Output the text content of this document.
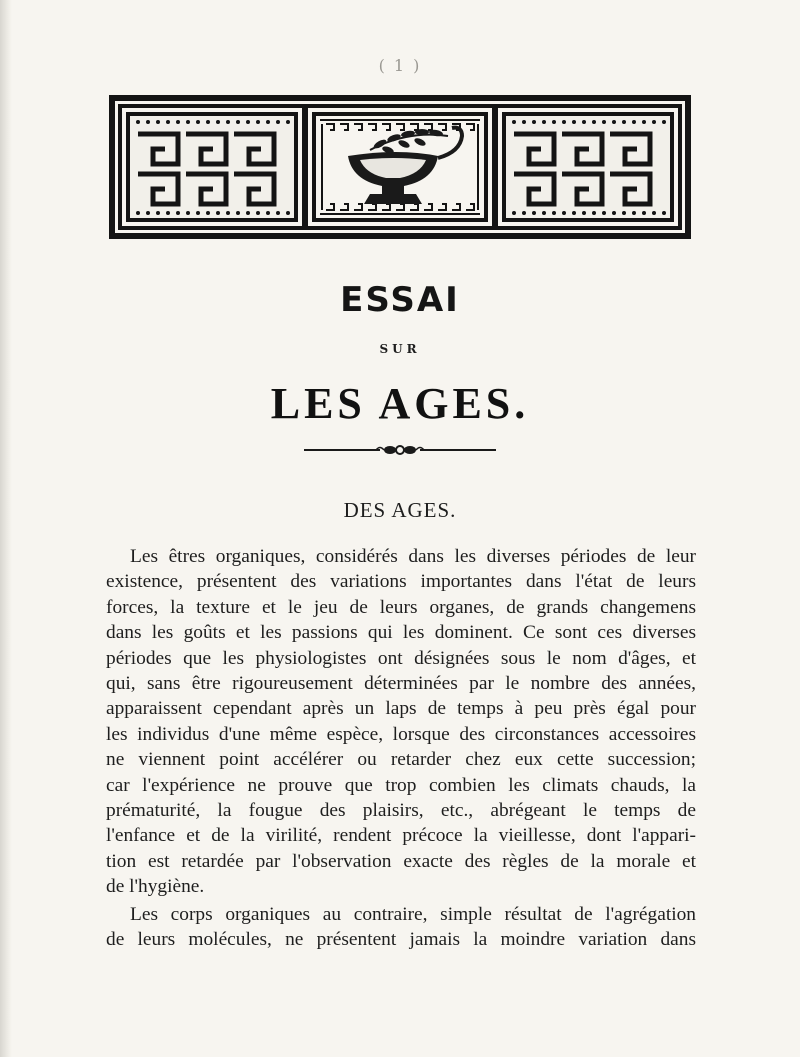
( 1 )
ESSAI
SUR
LES AGES.
DES AGES.
Les êtres organiques, considérés dans les diverses périodes de leur
existence, présentent des variations importantes dans l'état de leurs
forces, la texture et le jeu de leurs organes, de grands changemens
dans les goûts et les passions qui les dominent. Ce sont ces diverses
périodes que les physiologistes ont désignées sous le nom d'âges, et
qui, sans être rigoureusement déterminées par le nombre des années,
apparaissent cependant après un laps de temps à peu près égal pour
les individus d'une même espèce, lorsque des circonstances accessoires
ne viennent point accélérer ou retarder chez eux cette succession;
car l'expérience ne prouve que trop combien les climats chauds, la
prématurité, la fougue des plaisirs, etc., abrégeant le temps de
l'enfance et de la virilité, rendent précoce la vieillesse, dont l'appari-
tion est retardée par l'observation exacte des règles de la morale et
de l'hygiène.
Les corps organiques au contraire, simple résultat de l'agrégation
de leurs molécules, ne présentent jamais la moindre variation dans
